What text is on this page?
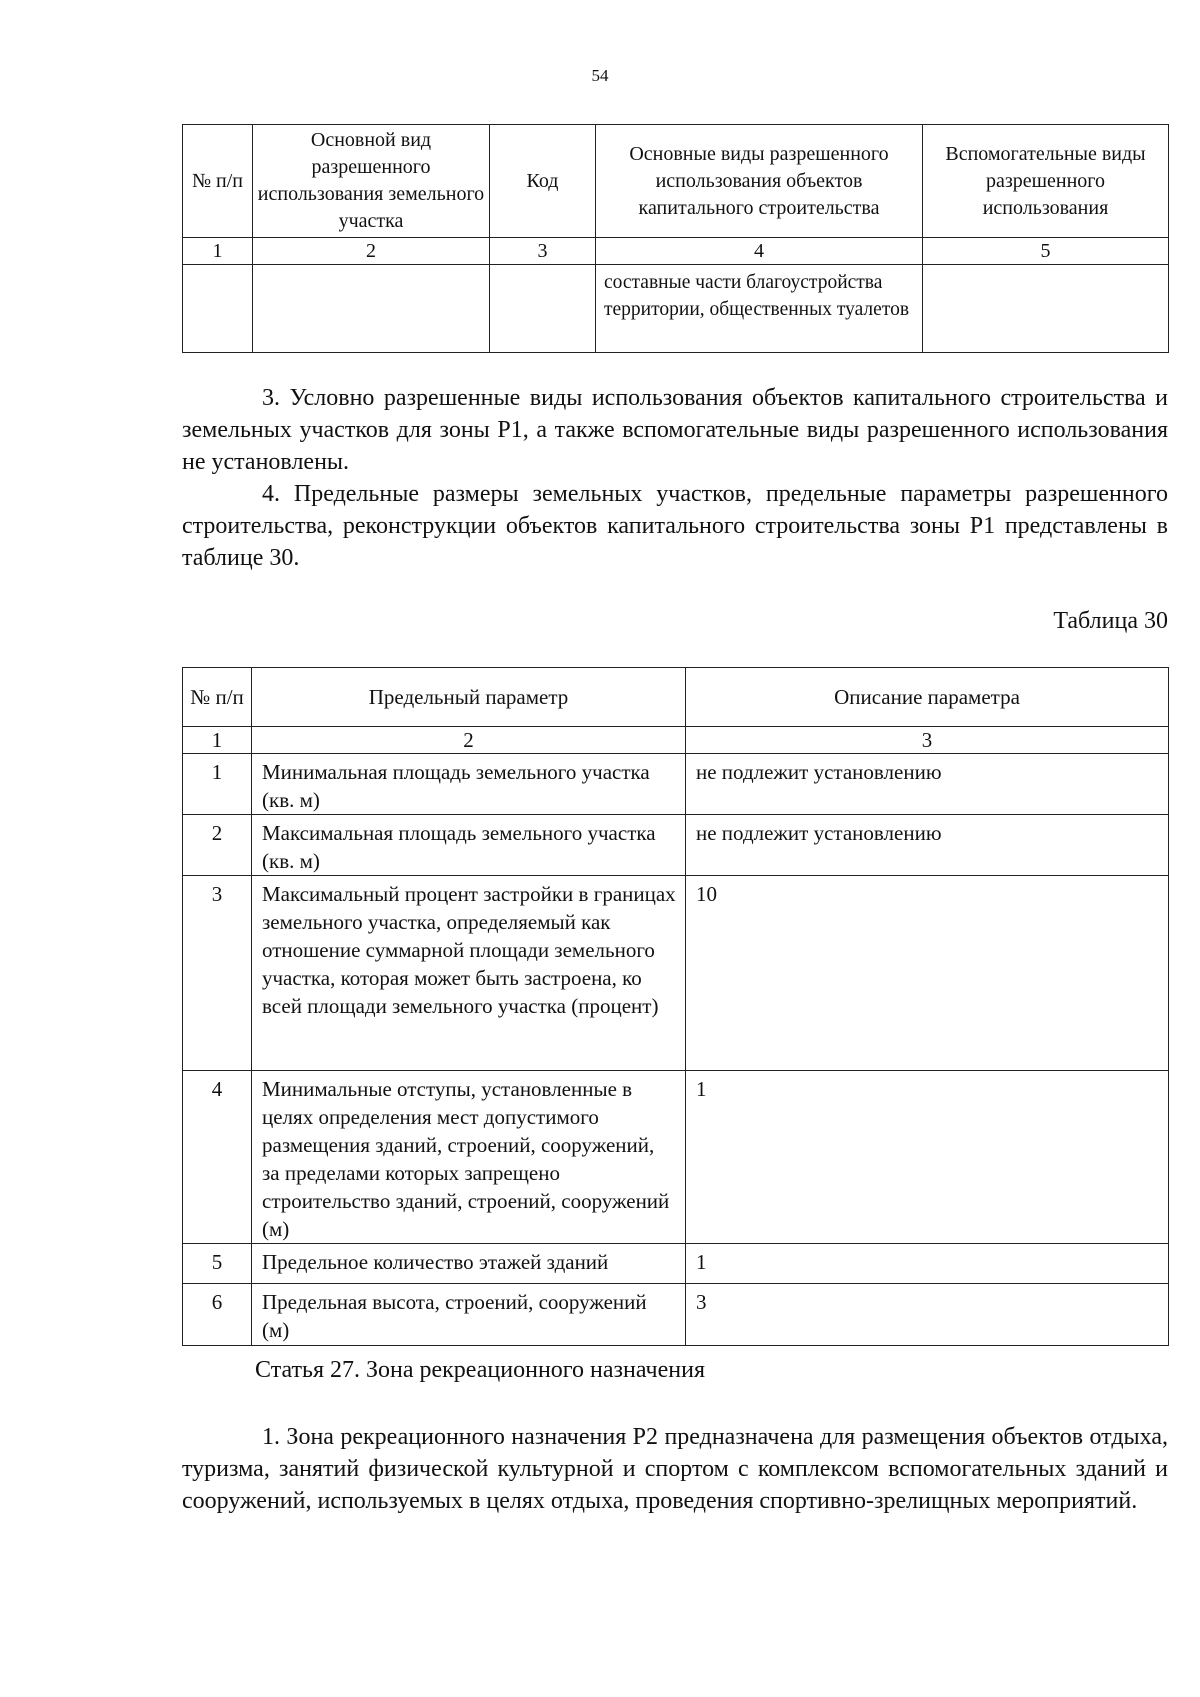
54
№ п/п	Основной вид разрешенного использования земельного участка	Код	Основные виды разрешенного использования объектов капитального строительства	Вспомогательные виды разрешенного использования
1	2	3	4	5
			составные части благоустройства территории, общественных туалетов	

3. Условно разрешенные виды использования объектов капитального строительства и земельных участков для зоны Р1, а также вспомогательные виды разрешенного использования не установлены.

4. Предельные размеры земельных участков, предельные параметры разрешенного строительства, реконструкции объектов капитального строительства зоны Р1 представлены в таблице 30.

Таблица 30
№ п/п	Предельный параметр	Описание параметра
1	2	3
1	Минимальная площадь земельного участка (кв. м)	не подлежит установлению
2	Максимальная площадь земельного участка (кв. м)	не подлежит установлению
3	Максимальный процент застройки в границах земельного участка, определяемый как отношение суммарной площади земельного участка, которая может быть застроена, ко всей площади земельного участка (процент)	10
4	Минимальные отступы, установленные в целях определения мест допустимого размещения зданий, строений, сооружений, за пределами которых запрещено строительство зданий, строений, сооружений (м)	1
5	Предельное количество этажей зданий	1
6	Предельная высота, строений, сооружений (м)	3
Статья 27. Зона рекреационного назначения

1. Зона рекреационного назначения Р2 предназначена для размещения объектов отдыха, туризма, занятий физической культурной и спортом с комплексом вспомогательных зданий и сооружений, используемых в целях отдыха, проведения спортивно-зрелищных мероприятий.
